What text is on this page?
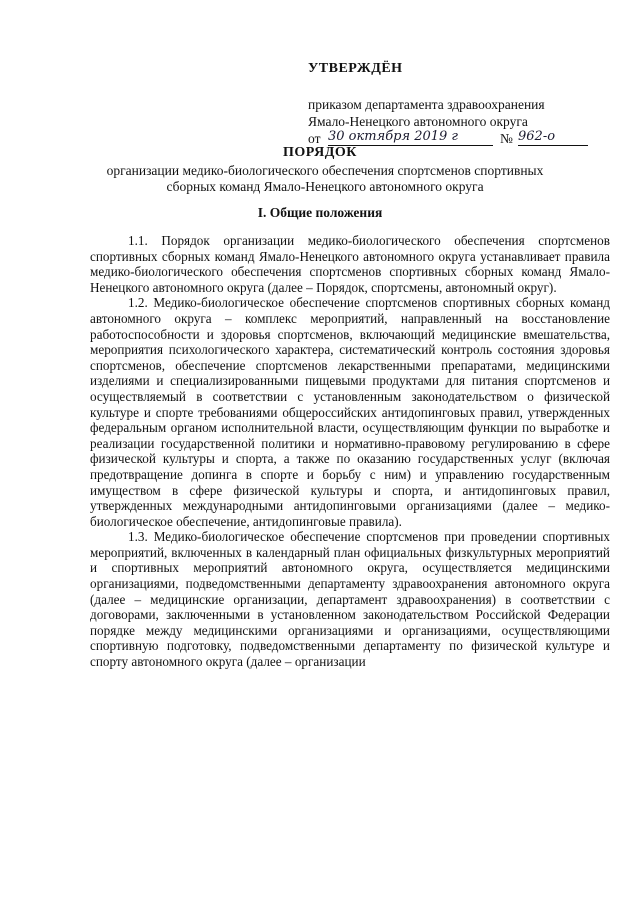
УТВЕРЖДЁН
приказом департамента здравоохранения
Ямало-Ненецкого автономного округа
от 30 октября 2019 г	№ 962-о
ПОРЯДОК
организации медико-биологического обеспечения спортсменов спортивных сборных команд Ямало-Ненецкого автономного округа
I. Общие положения

1.1. Порядок организации медико-биологического обеспечения спортсменов спортивных сборных команд Ямало-Ненецкого автономного округа устанавливает правила медико-биологического обеспечения спортсменов спортивных сборных команд Ямало-Ненецкого автономного округа (далее – Порядок, спортсмены, автономный округ).

1.2. Медико-биологическое обеспечение спортсменов спортивных сборных команд автономного округа – комплекс мероприятий, направленный на восстановление работоспособности и здоровья спортсменов, включающий медицинские вмешательства, мероприятия психологического характера, систематический контроль состояния здоровья спортсменов, обеспечение спортсменов лекарственными препаратами, медицинскими изделиями и специализированными пищевыми продуктами для питания спортсменов и осуществляемый в соответствии с установленным законодательством о физической культуре и спорте требованиями общероссийских антидопинговых правил, утвержденных федеральным органом исполнительной власти, осуществляющим функции по выработке и реализации государственной политики и нормативно-правовому регулированию в сфере физической культуры и спорта, а также по оказанию государственных услуг (включая предотвращение допинга в спорте и борьбу с ним) и управлению государственным имуществом в сфере физической культуры и спорта, и антидопинговых правил, утвержденных международными антидопинговыми организациями (далее – медико-биологическое обеспечение, антидопинговые правила).

1.3. Медико-биологическое обеспечение спортсменов при проведении спортивных мероприятий, включенных в календарный план официальных физкультурных мероприятий и спортивных мероприятий автономного округа, осуществляется медицинскими организациями, подведомственными департаменту здравоохранения автономного округа (далее – медицинские организации, департамент здравоохранения) в соответствии с договорами, заключенными в установленном законодательством Российской Федерации порядке между медицинскими организациями и организациями, осуществляющими спортивную подготовку, подведомственными департаменту по физической культуре и спорту автономного округа (далее – организации
